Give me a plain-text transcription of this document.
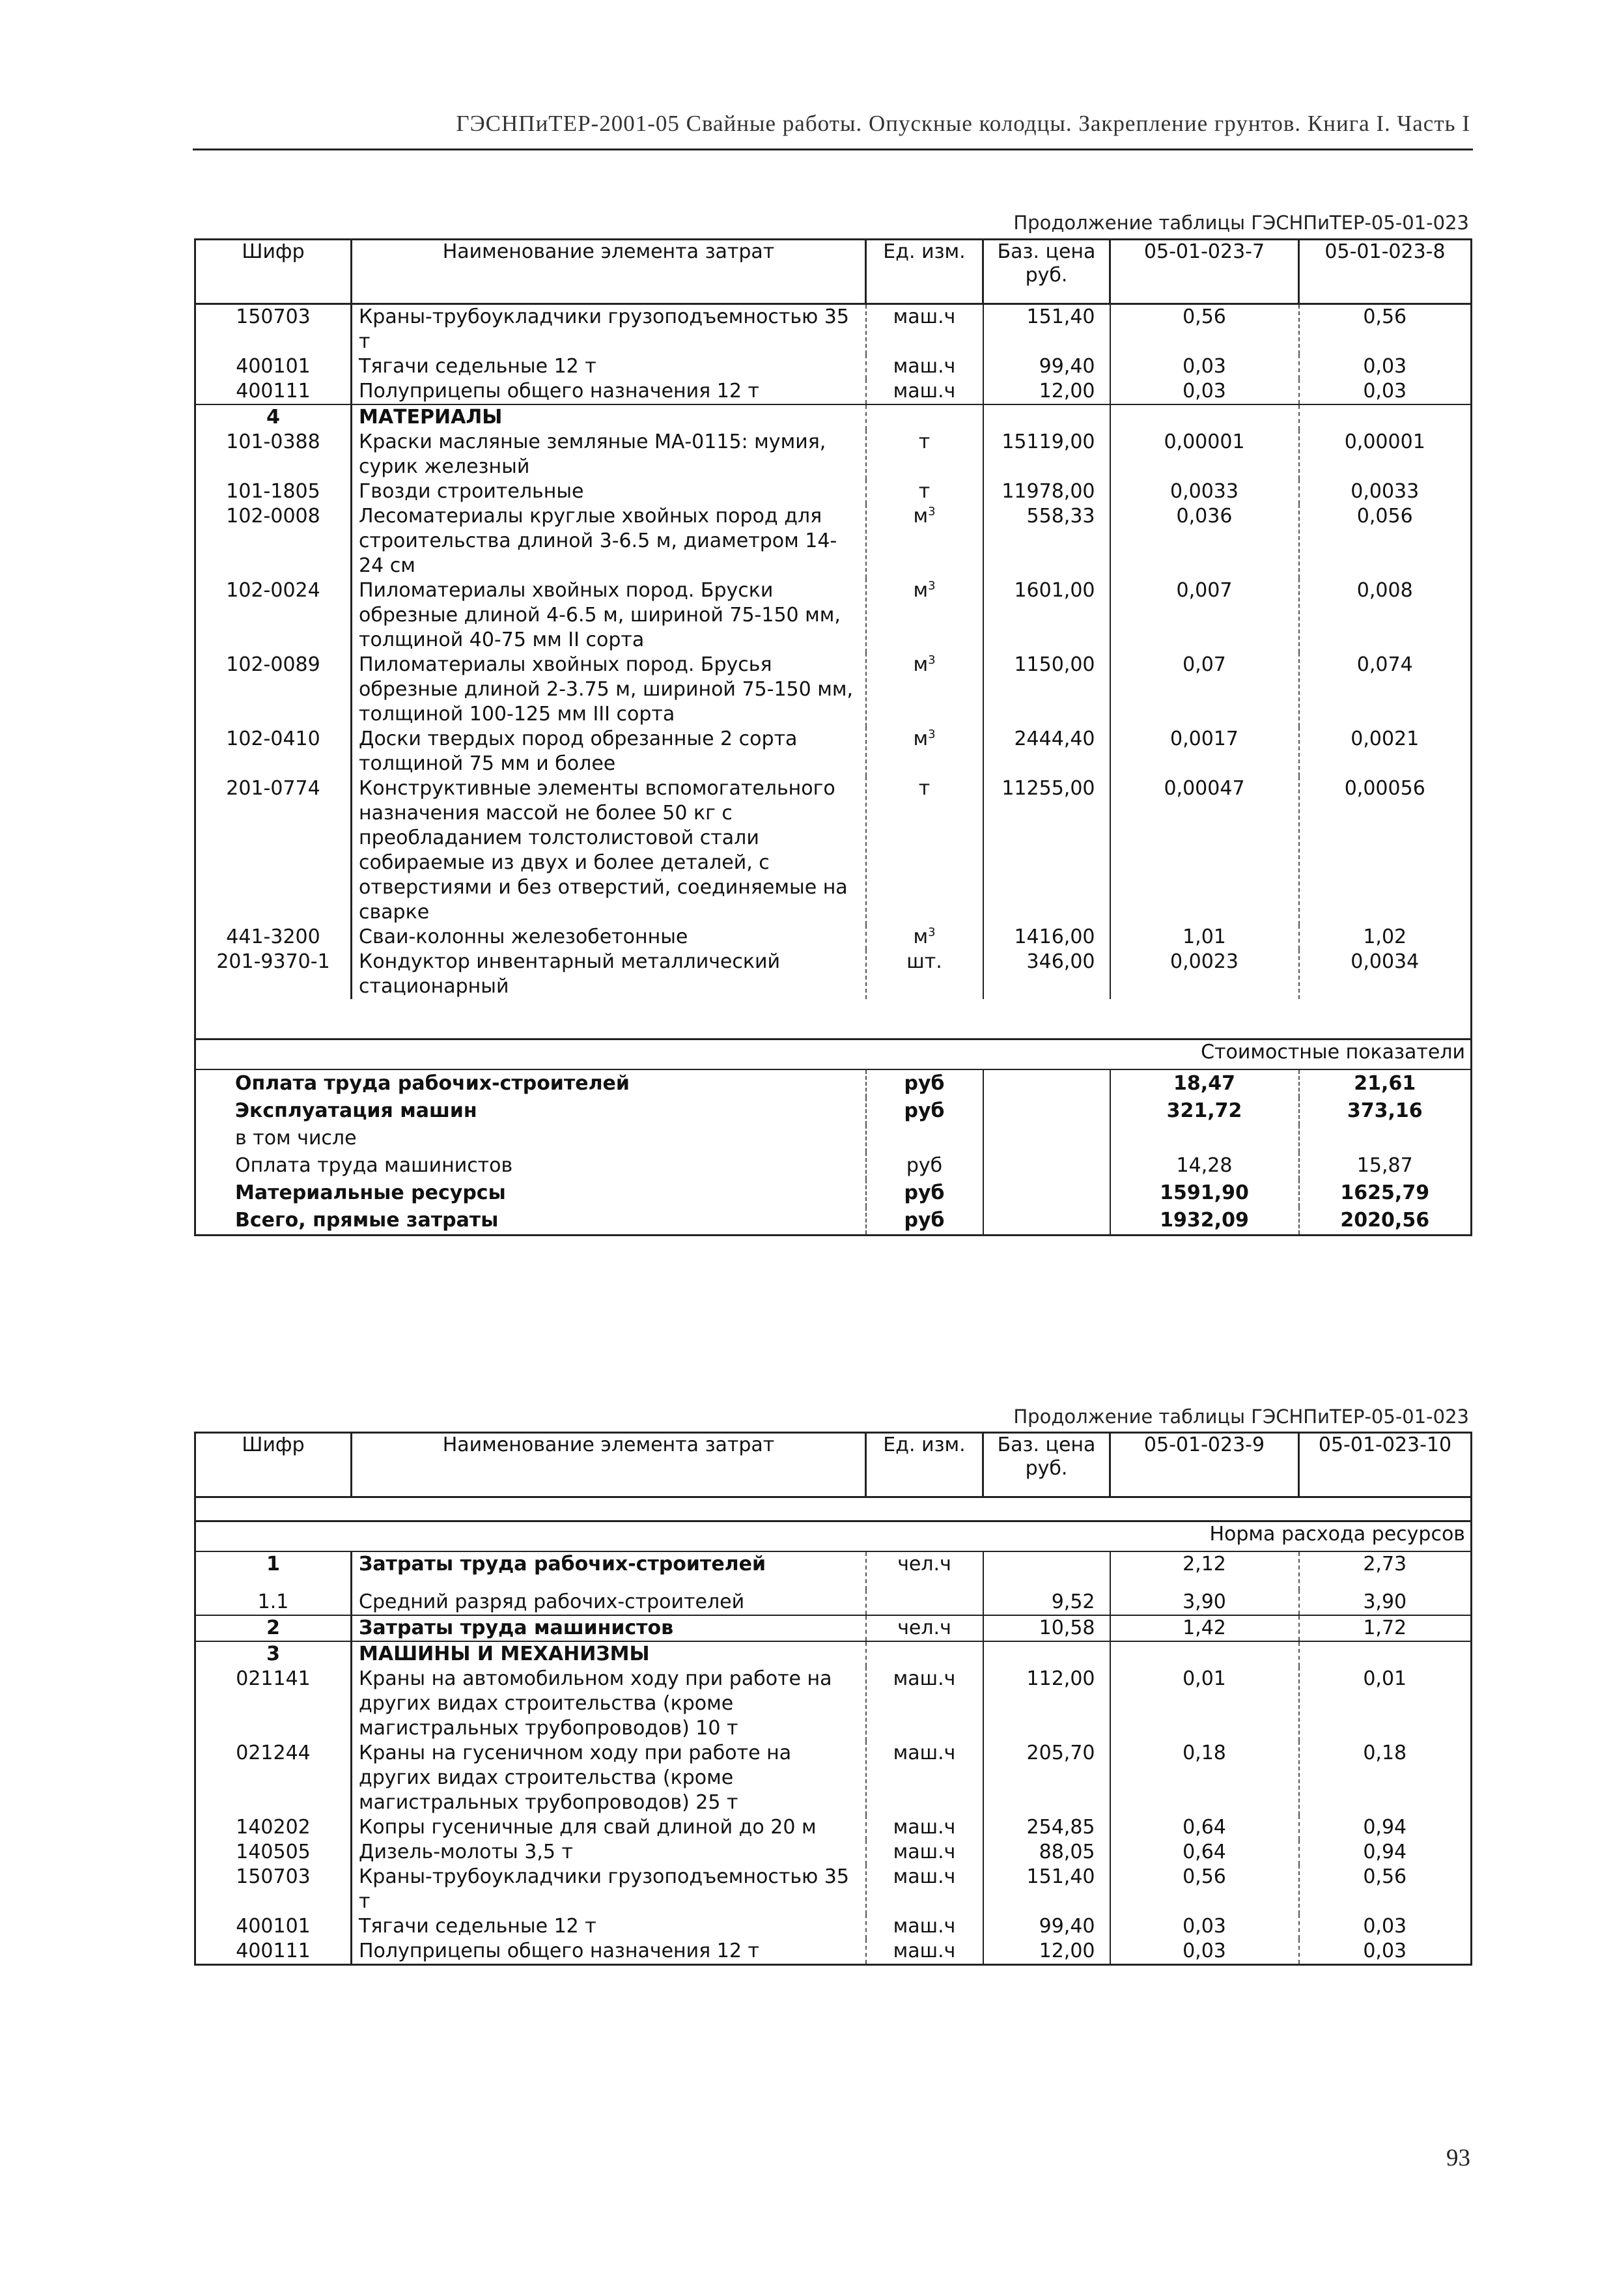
ГЭСНПиТЕР-2001-05 Свайные работы. Опускные колодцы. Закрепление грунтов. Книга I. Часть I
Продолжение таблицы ГЭСНПиТЕР-05-01-023
Шифр	Наименование элемента затрат	Ед. изм.	Баз. цена руб.	05-01-023-7	05-01-023-8
150703	Краны-трубоукладчики грузоподъемностью 35 т	маш.ч	151,40	0,56	0,56
400101	Тягачи седельные 12 т	маш.ч	99,40	0,03	0,03
400111	Полуприцепы общего назначения 12 т	маш.ч	12,00	0,03	0,03
4	МАТЕРИАЛЫ				
101-0388	Краски масляные земляные МА-0115: мумия, сурик железный	т	15119,00	0,00001	0,00001
101-1805	Гвозди строительные	т	11978,00	0,0033	0,0033
102-0008	Лесоматериалы круглые хвойных пород для строительства длиной 3-6.5 м, диаметром 14-24 см	$м^3$	558,33	0,036	0,056
102-0024	Пиломатериалы хвойных пород. Бруски обрезные длиной 4-6.5 м, шириной 75-150 мм, толщиной 40-75 мм II сорта	$м^3$	1601,00	0,007	0,008
102-0089	Пиломатериалы хвойных пород. Брусья обрезные длиной 2-3.75 м, шириной 75-150 мм, толщиной 100-125 мм III сорта	$м^3$	1150,00	0,07	0,074
102-0410	Доски твердых пород обрезанные 2 сорта толщиной 75 мм и более	$м^3$	2444,40	0,0017	0,0021
201-0774	Конструктивные элементы вспомогательного назначения массой не более 50 кг с преобладанием толстолистовой стали собираемые из двух и более деталей, с отверстиями и без отверстий, соединяемые на сварке	т	11255,00	0,00047	0,00056
441-3200	Сваи-колонны железобетонные	$м^3$	1416,00	1,01	1,02
201-9370-1	Кондуктор инвентарный металлический стационарный	шт.	346,00	0,0023	0,0034

Стоимостные показатели					
Оплата труда рабочих-строителей		руб		18,47	21,61
Эксплуатация машин		руб		321,72	373,16
в том числе					
Оплата труда машинистов		руб		14,28	15,87
Материальные ресурсы		руб		1591,90	1625,79
Всего, прямые затраты		руб		1932,09	2020,56
Продолжение таблицы ГЭСНПиТЕР-05-01-023
Шифр	Наименование элемента затрат	Ед. изм.	Баз. цена руб.	05-01-023-9	05-01-023-10

Норма расхода ресурсов					
1	Затраты труда рабочих-строителей	чел.ч		2,12	2,73
1.1	Средний разряд рабочих-строителей		9,52	3,90	3,90
2	Затраты труда машинистов	чел.ч	10,58	1,42	1,72
3	МАШИНЫ И МЕХАНИЗМЫ				
021141	Краны на автомобильном ходу при работе на других видах строительства (кроме магистральных трубопроводов) 10 т	маш.ч	112,00	0,01	0,01
021244	Краны на гусеничном ходу при работе на других видах строительства (кроме магистральных трубопроводов) 25 т	маш.ч	205,70	0,18	0,18
140202	Копры гусеничные для свай длиной до 20 м	маш.ч	254,85	0,64	0,94
140505	Дизель-молоты 3,5 т	маш.ч	88,05	0,64	0,94
150703	Краны-трубоукладчики грузоподъемностью 35 т	маш.ч	151,40	0,56	0,56
400101	Тягачи седельные 12 т	маш.ч	99,40	0,03	0,03
400111	Полуприцепы общего назначения 12 т	маш.ч	12,00	0,03	0,03
93
